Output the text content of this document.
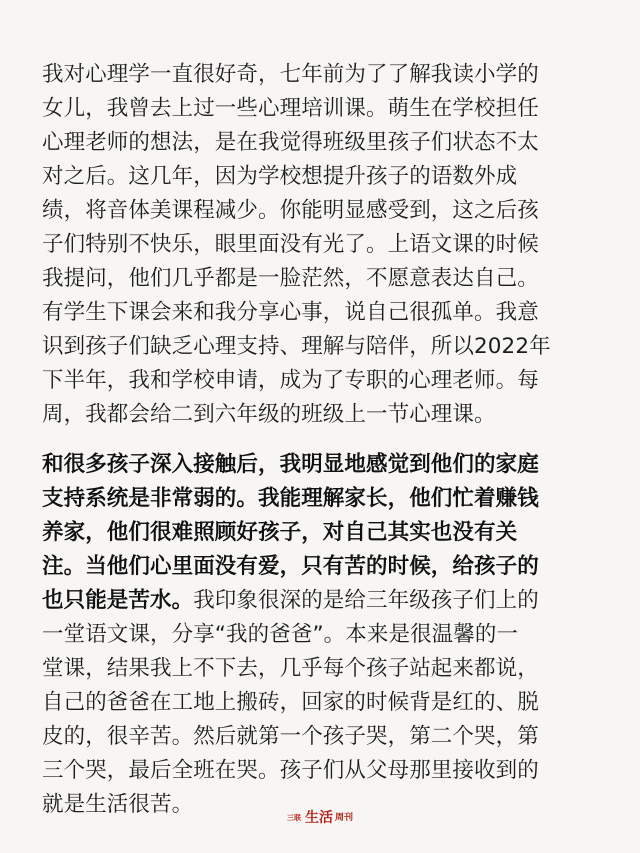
我对心理学一直很好奇，七年前为了了解我读小学的
女儿，我曾去上过一些心理培训课。萌生在学校担任
心理老师的想法，是在我觉得班级里孩子们状态不太
对之后。这几年，因为学校想提升孩子的语数外成
绩，将音体美课程减少。你能明显感受到，这之后孩
子们特别不快乐，眼里面没有光了。上语文课的时候
我提问，他们几乎都是一脸茫然，不愿意表达自己。
有学生下课会来和我分享心事，说自己很孤单。我意
识到孩子们缺乏心理支持、理解与陪伴，所以2022年
下半年，我和学校申请，成为了专职的心理老师。每
周，我都会给二到六年级的班级上一节心理课。
和很多孩子深入接触后，我明显地感觉到他们的家庭
支持系统是非常弱的。我能理解家长，他们忙着赚钱
养家，他们很难照顾好孩子，对自己其实也没有关
注。当他们心里面没有爱，只有苦的时候，给孩子的
也只能是苦水。我印象很深的是给三年级孩子们上的
一堂语文课，分享“我的爸爸”。本来是很温馨的一
堂课，结果我上不下去，几乎每个孩子站起来都说，
自己的爸爸在工地上搬砖，回家的时候背是红的、脱
皮的，很辛苦。然后就第一个孩子哭，第二个哭，第
三个哭，最后全班在哭。孩子们从父母那里接收到的
就是生活很苦。
三联 生活 周刊
